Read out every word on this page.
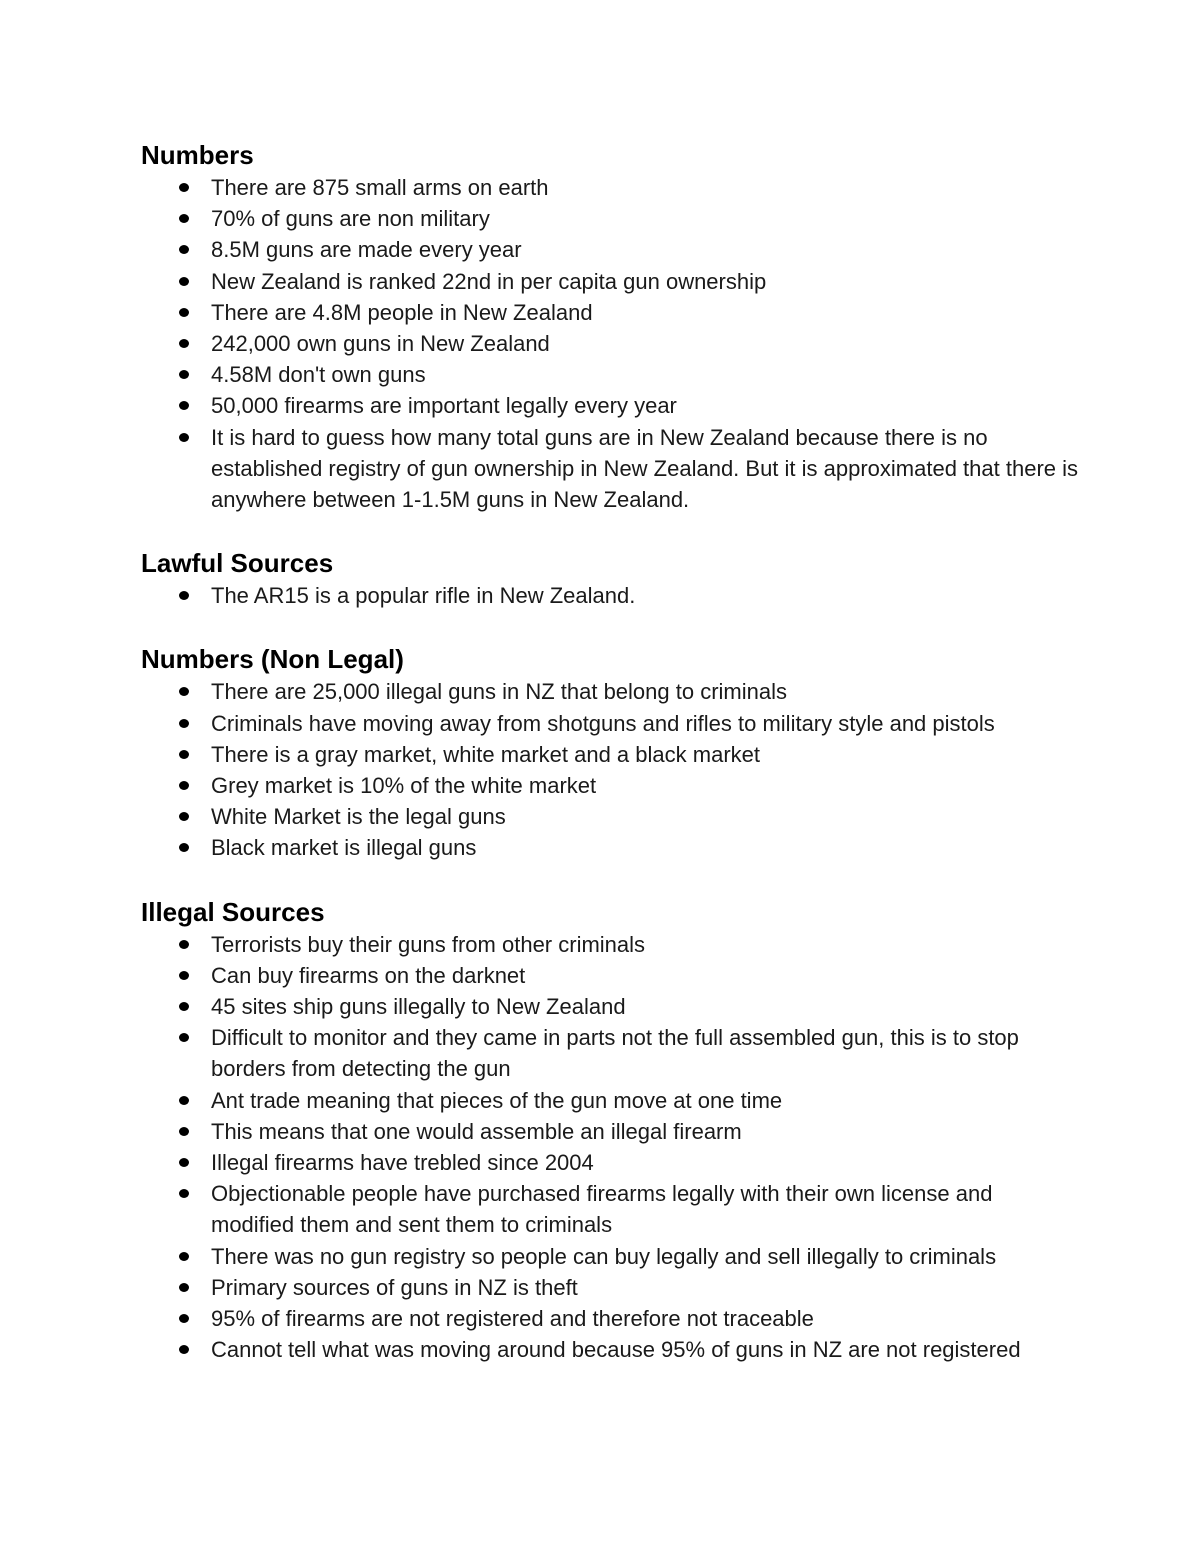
Numbers
There are 875 small arms on earth
70% of guns are non military
8.5M guns are made every year
New Zealand is ranked 22nd in per capita gun ownership
There are 4.8M people in New Zealand
242,000 own guns in New Zealand
4.58M don't own guns
50,000 firearms are important legally every year
It is hard to guess how many total guns are in New Zealand because there is no established registry of gun ownership in New Zealand. But it is approximated that there is anywhere between 1-1.5M guns in New Zealand.
Lawful Sources
The AR15 is a popular rifle in New Zealand.
Numbers (Non Legal)
There are 25,000 illegal guns in NZ that belong to criminals
Criminals have moving away from shotguns and rifles to military style and pistols
There is a gray market, white market and a black market
Grey market is 10% of the white market
White Market is the legal guns
Black market is illegal guns
Illegal Sources
Terrorists buy their guns from other criminals
Can buy firearms on the darknet
45 sites ship guns illegally to New Zealand
Difficult to monitor and they came in parts not the full assembled gun, this is to stop borders from detecting the gun
Ant trade meaning that pieces of the gun move at one time
This means that one would assemble an illegal firearm
Illegal firearms have trebled since 2004
Objectionable people have purchased firearms legally with their own license and modified them and sent them to criminals
There was no gun registry so people can buy legally and sell illegally to criminals
Primary sources of guns in NZ is theft
95% of firearms are not registered and therefore not traceable
Cannot tell what was moving around because 95% of guns in NZ are not registered
